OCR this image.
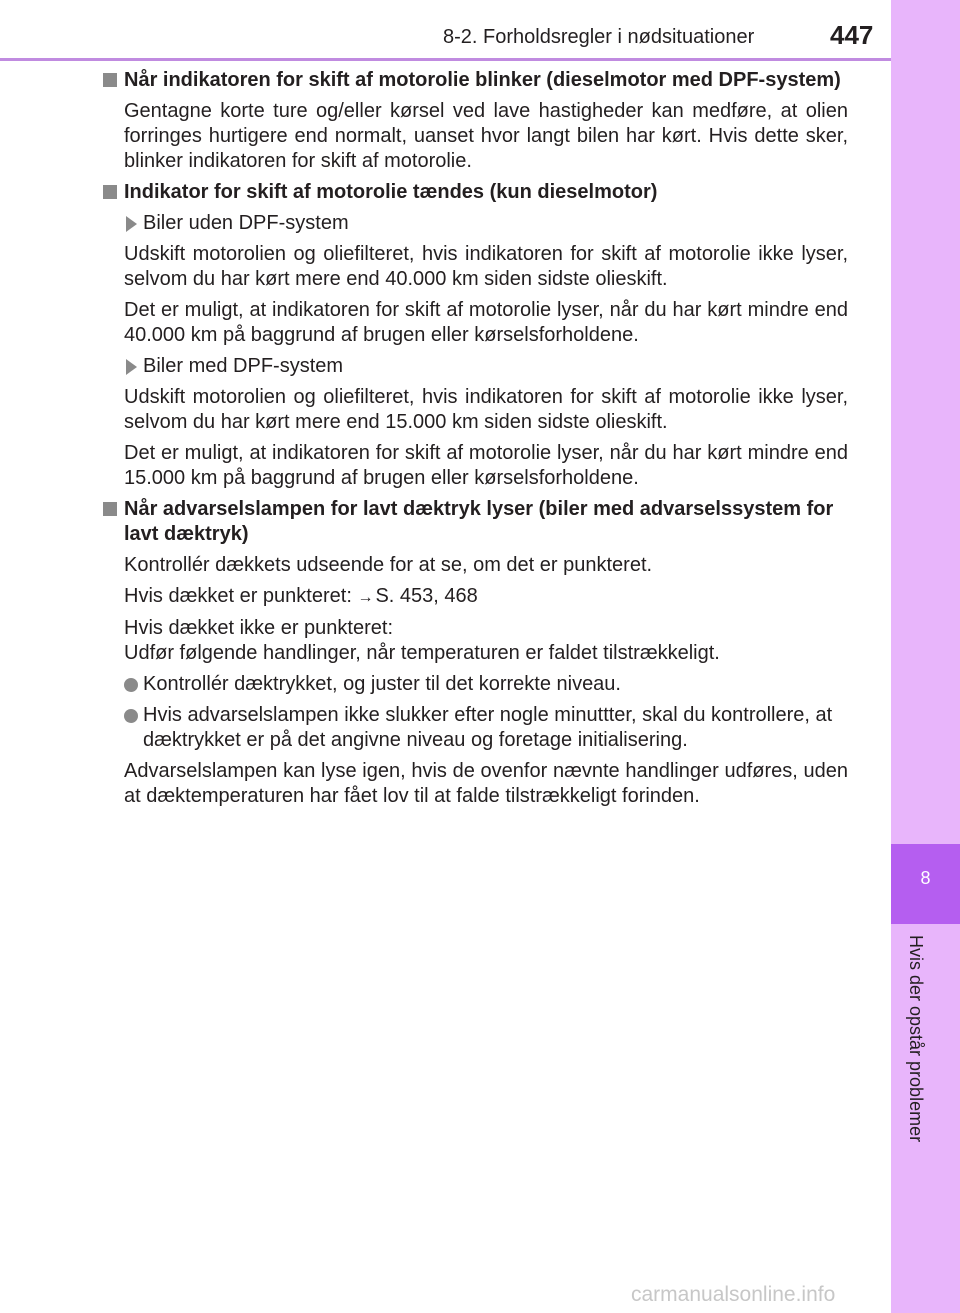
8-2. Forholdsregler i nødsituationer	447
8
Hvis der opstår problemer
Når indikatoren for skift af motorolie blinker (dieselmotor med DPF-system)

Gentagne korte ture og/eller kørsel ved lave hastigheder kan medføre, at olien forringes hurtigere end normalt, uanset hvor langt bilen har kørt. Hvis dette sker, blinker indikatoren for skift af motorolie.

Indikator for skift af motorolie tændes (kun dieselmotor)
Biler uden DPF-system

Udskift motorolien og oliefilteret, hvis indikatoren for skift af motorolie ikke lyser, selvom du har kørt mere end 40.000 km siden sidste olieskift.

Det er muligt, at indikatoren for skift af motorolie lyser, når du har kørt mindre end 40.000 km på baggrund af brugen eller kørselsforholdene.

Biler med DPF-system

Udskift motorolien og oliefilteret, hvis indikatoren for skift af motorolie ikke lyser, selvom du har kørt mere end 15.000 km siden sidste olieskift.

Det er muligt, at indikatoren for skift af motorolie lyser, når du har kørt mindre end 15.000 km på baggrund af brugen eller kørselsforholdene.

Når advarselslampen for lavt dæktryk lyser (biler med advarselssystem for lavt dæktryk)

Kontrollér dækkets udseende for at se, om det er punkteret.

Hvis dækket er punkteret: → S. 453, 468

Hvis dækket ikke er punkteret:
Udfør følgende handlinger, når temperaturen er faldet tilstrækkeligt.

Kontrollér dæktrykket, og juster til det korrekte niveau.
Hvis advarselslampen ikke slukker efter nogle minuttter, skal du kontrollere, at dæktrykket er på det angivne niveau og foretage initialisering.

Advarselslampen kan lyse igen, hvis de ovenfor nævnte handlinger udføres, uden at dæktemperaturen har fået lov til at falde tilstrækkeligt forinden.

carmanualsonline.info
